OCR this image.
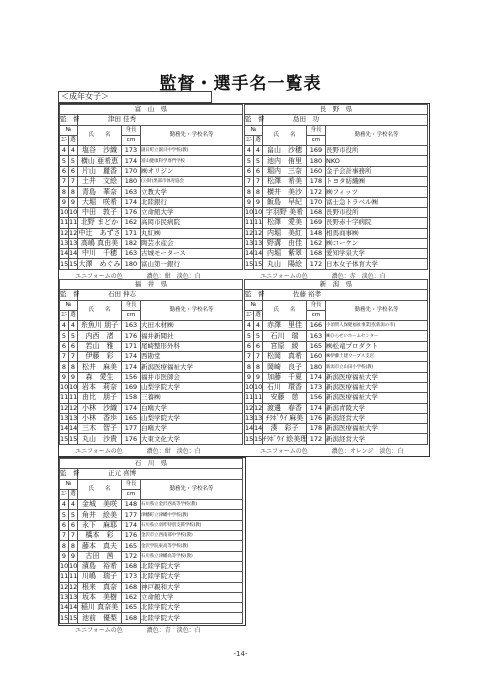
監督・選手名一覧表
＜成年女子＞
富　山　県				
監　督		津田 佳秀		
№		氏　　名	身長	勤務先・学校名等
ﾕﾆ	選		cm	
4	4	塩谷　沙織	173	副日町立副日中学校(教)
5	5	横山 亜希恵	174	富山健康科学専門学校
6	6	片山　麗香	170	㈱オリジン
7	7	土井　文絵	180	(公財)黒部市体育協会
8	8	青島　華奈	163	立教大学
9	9	大堀　咲希	174	北陸銀行
10	10	中田　敦子	176	立命館大学
11	11	北野 まどか	162	高岡市民病院
12	12	中辻　あずさ	171	丸紅㈱
13	13	高嶋 真由美	182	陶芸水産会
14	14	中川　千穂	163	古城モータース
15	15	大澤　めぐみ	180	富山第一銀行
ユニフォームの色　　　　濃色：紺　淡色：白
長　野　県				
監　督		島田　功		
№		氏　　名	身長	勤務先・学校名等
ﾕﾆ	選		cm	
4	4	畠山　沙穂	169	長野市役所
5	5	池内　侑里	180	NKO
6	6	堀内　三奈	160	金子会計事務所
7	7	松澤　希美	178	トヨタ紡織㈱
8	8	横井　美沙	172	㈱フィッツ
9	9	飯島　早紀	170	富士急トラベル㈱
10	10	宇羽野 美希	168	長野市役所
11	11	松澤　愛美	169	長野赤十字病院
12	12	内堀　美紅	148	相馬商事㈱
13	13	野溝　由佳	162	㈱コーケン
14	14	内堀　紫翠	168	愛知学泉大学
15	15	丸山　陽絵	172	日本女子体育大学
ユニフォームの色　　　　濃色：赤　淡色：白
福　井　県				
監　督		石田 伸志		
№		氏　　名	身長	勤務先・学校名等
ﾕﾆ	選		cm	
4	4	糸魚川 朋子	163	大田木材㈱
5	5	内西　渚	176	福井新聞社
6	6	若山　雅	171	尾崎整形外科
7	7	伊藤　彩	174	西勘堂
8	8	松井　麻美	174	新潟医療福祉大学
9	9	森　愛生	156	福井市医師会
10	10	岩本　莉奈	169	山梨学院大学
11	11	由比　朋子	158	三養㈱
12	12	小林　沙織	174	白鴎大学
13	13	小林　香歩	165	山梨学院大学
14	14	三木　智子	177	白鴎大学
15	15	丸山　沙貴	176	大東文化大学
ユニフォームの色　　　　濃色：紺　淡色：白
新　潟　県				
監　督		佐藤 裕孝		
№		氏　　名	身長	勤務先・学校名等
ﾕﾆ	選		cm	
4	4	赤澤　里佳	166	小須賀人保健福祉事業団(新潟の市)
5	5	石川　瑞	163	㈱ひらせいホームセンター
6	6	宮原　綾	165	㈱松竜プロダクト
7	7	松岡　真希	160	㈱伊藤土建ウーブス支店
8	8	岡崎　良子	180	新潟市立山田小学校(教)
9	9	加藤　千夏	174	新潟医療福祉大学
10	10	石川　環香	173	新潟医療福祉大学
11	11	安藤　慈	156	新潟医療福祉大学
12	12	渡邊　春香	174	新潟青陵大学
13	13	ﾁﾗﾎﾞｳｲ 麻美	176	新潟経営大学
14	14	湊　彩子	178	新潟医療福祉大学
15	15	ﾁﾗﾎﾞｳｲ 絵美理	172	新潟経営大学
ユニフォームの色　　　　濃色：オレンジ　淡色：白
石　川　県				
監　督		正元 喜博		
№		氏　　名	身長	勤務先・学校名等
ﾕﾆ	選		cm	
4	4	金城　美咲	148	石川県立金沢西高等学校(教)
5	5	角井　絵美	177	津幡町立津幡中学校(教)
6	6	永下　麻耶	174	石川県立羽咋特別支援学校(教)
7	7	橋本　彩	176	金沢市立西南部中学校(教)
8	8	藤本　真夫	165	金沢学院東高等学校(教)
9	9	古田　茜	172	石川県立津幡高等学校(教)
10	10	濱島　裕希	168	北陸学院大学
11	11	川嶋　瑞子	173	北陸学院大学
12	12	根来　真奈	168	神戸親和大学
13	13	坂本　美樹	162	立命館大学
14	14	稲川 真奈美	165	北陸学院大学
15	15	池前　優梨	168	北陸学院大学
ユニフォームの色　　　　濃色：青　淡色：白
-14-
